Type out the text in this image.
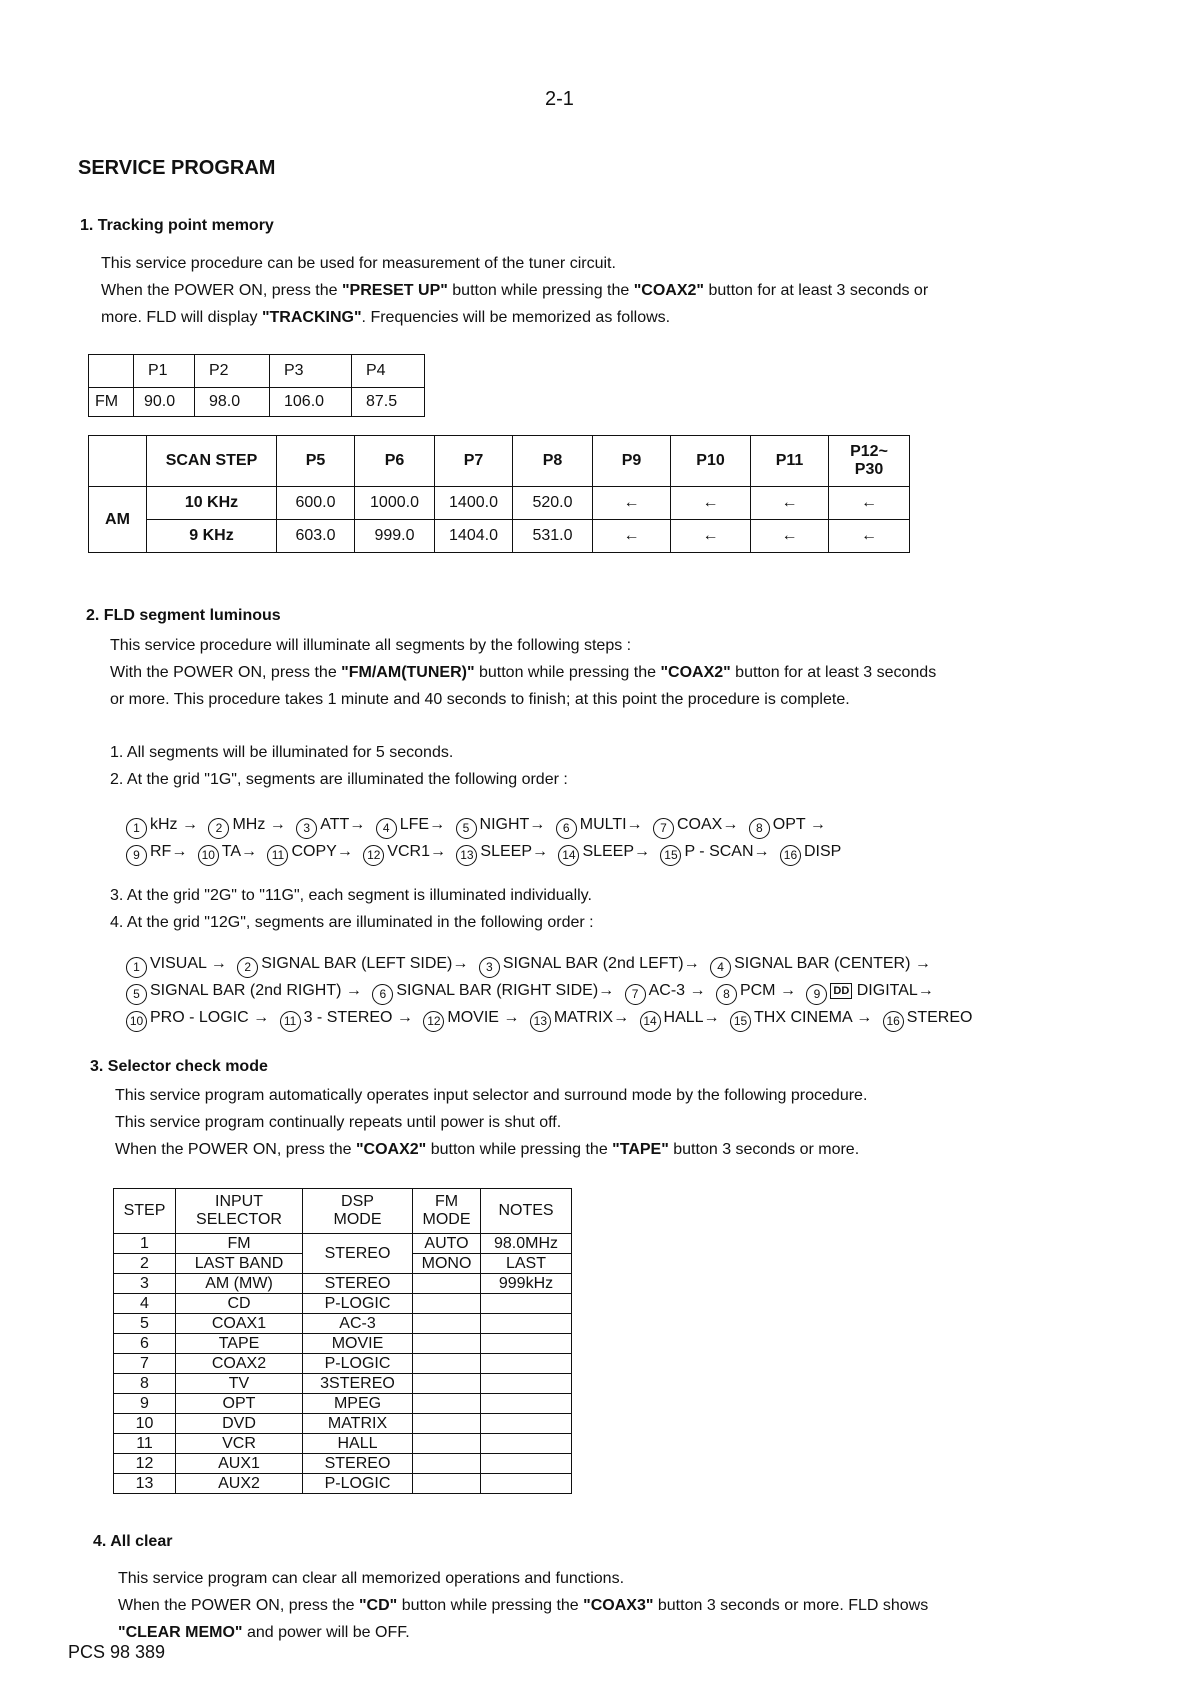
2-1
SERVICE PROGRAM
1. Tracking point memory
This service procedure can be used for measurement of the tuner circuit.
When the POWER ON, press the "PRESET UP" button while pressing the "COAX2" button for at least 3 seconds or
more. FLD will display "TRACKING". Frequencies will be memorized as follows.
	P1	P2	P3	P4
FM	90.0	98.0	106.0	87.5
	SCAN STEP	P5	P6	P7	P8	P9	P10	P11	P12~
P30

AM	10 KHz	600.0	1000.0	1400.0	520.0	←	←	←	←
	9 KHz	603.0	999.0	1404.0	531.0	←	←	←	←
2. FLD segment luminous
This service procedure will illuminate all segments by the following steps :
With the POWER ON, press the "FM/AM(TUNER)" button while pressing the "COAX2" button for at least 3 seconds
or more. This procedure takes 1 minute and 40 seconds to finish; at this point the procedure is complete.
1. All segments will be illuminated for 5 seconds.
2. At the grid "1G", segments are illuminated the following order :
1 kHz → 2 MHz → 3 ATT→ 4 LFE→ 5 NIGHT→ 6 MULTI→ 7 COAX→ 8 OPT →
9 RF→ 10 TA→ 11 COPY→ 12 VCR1→ 13 SLEEP→ 14 SLEEP→ 15 P - SCAN→ 16 DISP
3. At the grid "2G" to "11G", each segment is illuminated individually.
4. At the grid "12G", segments are illuminated in the following order :
1 VISUAL → 2 SIGNAL BAR (LEFT SIDE)→ 3 SIGNAL BAR (2nd LEFT)→ 4 SIGNAL BAR (CENTER) →
5 SIGNAL BAR (2nd RIGHT) → 6 SIGNAL BAR (RIGHT SIDE)→ 7 AC-3 → 8 PCM → 9 DD DIGITAL→
10 PRO - LOGIC → 11 3 - STEREO → 12 MOVIE → 13 MATRIX→ 14 HALL→ 15 THX CINEMA → 16 STEREO
3. Selector check mode
This service program automatically operates input selector and surround mode by the following procedure.
This service program continually repeats until power is shut off.
When the POWER ON, press the "COAX2" button while pressing the "TAPE" button 3 seconds or more.
STEP	INPUT SELECTOR	DSP MODE	FM MODE	NOTES
1	FM	STEREO	AUTO	98.0MHz
2	LAST BAND		MONO	LAST
3	AM (MW)	STEREO		999kHz
4	CD	P-LOGIC		
5	COAX1	AC-3		
6	TAPE	MOVIE		
7	COAX2	P-LOGIC		
8	TV	3STEREO		
9	OPT	MPEG		
10	DVD	MATRIX		
11	VCR	HALL		
12	AUX1	STEREO		
13	AUX2	P-LOGIC		
4. All clear
This service program can clear all memorized operations and functions.
When the POWER ON, press the "CD" button while pressing the "COAX3" button 3 seconds or more. FLD shows
"CLEAR MEMO" and power will be OFF.
PCS 98 389
